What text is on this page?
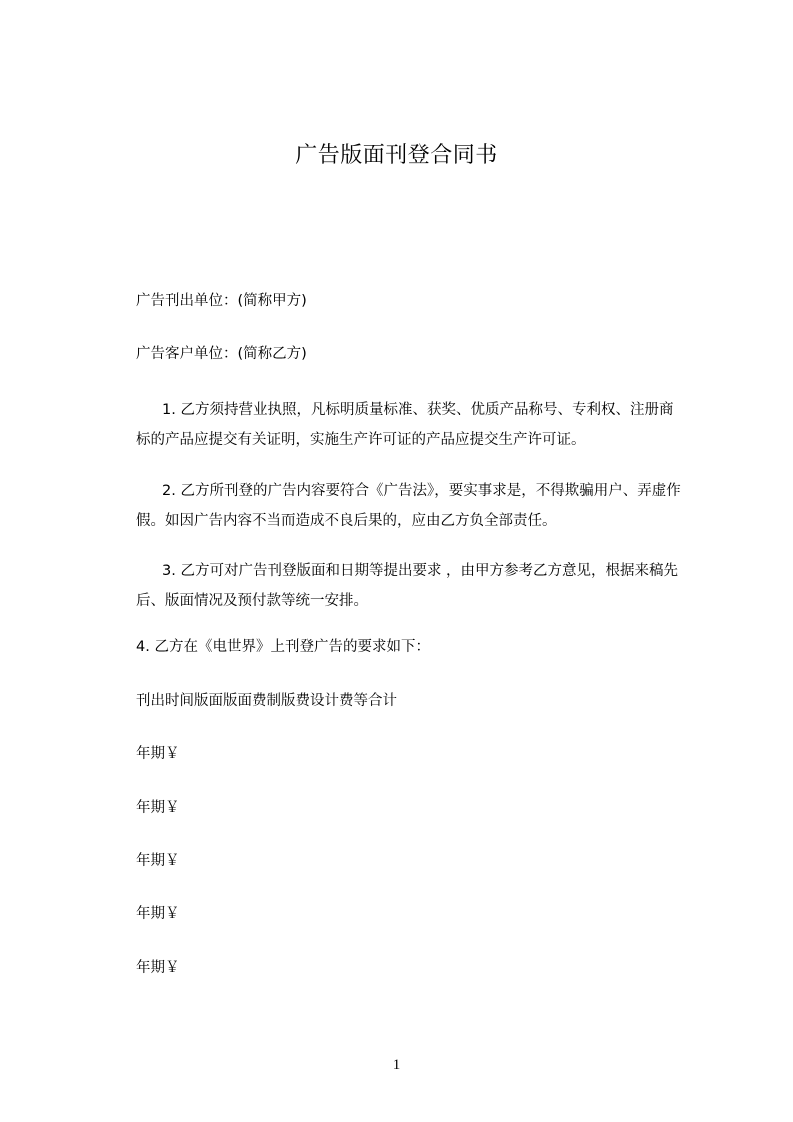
广告版面刊登合同书
广告刊出单位：(简称甲方)
广告客户单位：(简称乙方)
1. 乙方须持营业执照，凡标明质量标准、获奖、优质产品称号、专利权、注册商
标的产品应提交有关证明，实施生产许可证的产品应提交生产许可证。
2. 乙方所刊登的广告内容要符合《广告法》，要实事求是，不得欺骗用户、弄虚作
假。如因广告内容不当而造成不良后果的，应由乙方负全部责任。
3. 乙方可对广告刊登版面和日期等提出要求 ，由甲方参考乙方意见，根据来稿先
后、版面情况及预付款等统一安排。
4. 乙方在《电世界》上刊登广告的要求如下：
刊出时间版面版面费制版费设计费等合计
年期￥
年期￥
年期￥
年期￥
年期￥
1
